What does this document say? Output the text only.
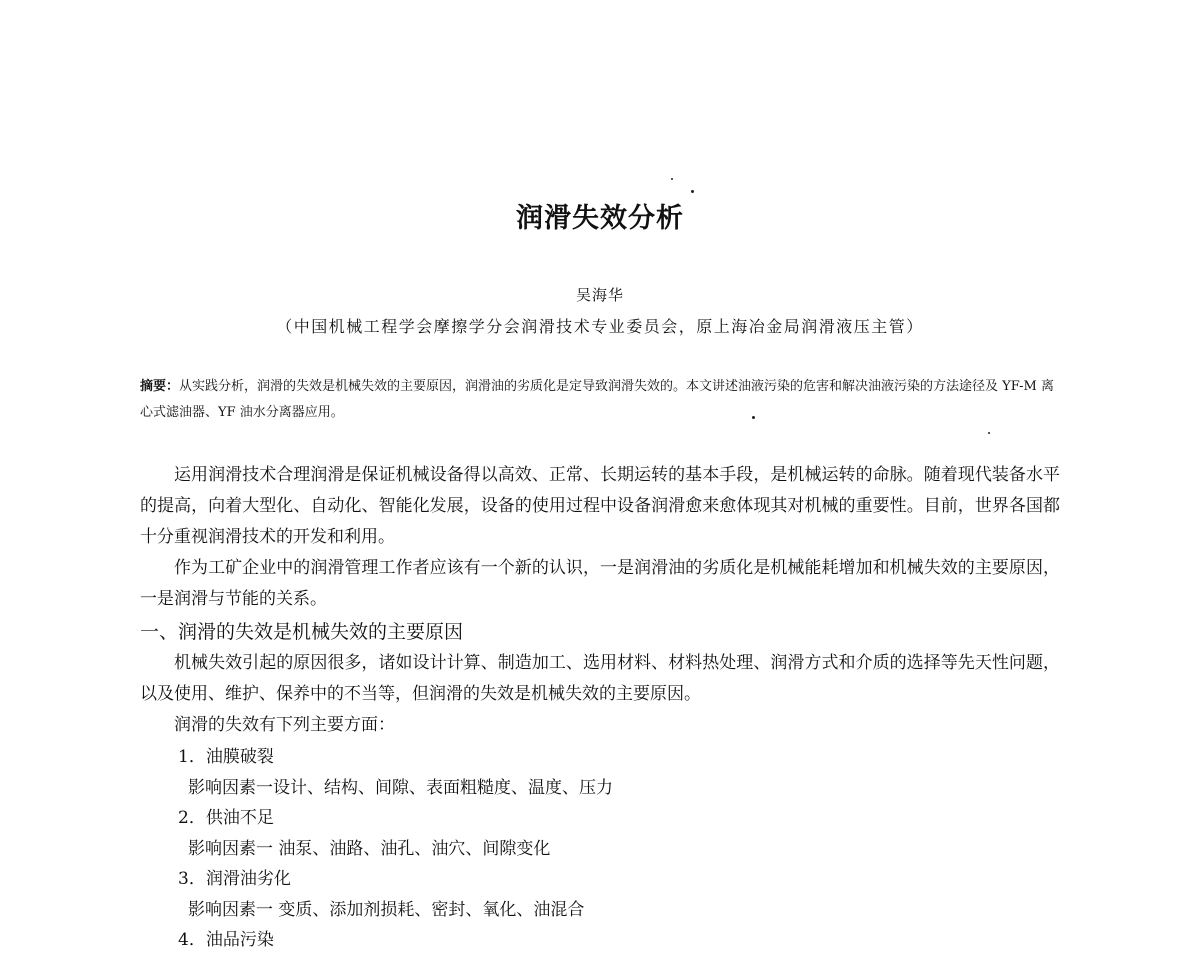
润滑失效分析
吴海华
（中国机械工程学会摩擦学分会润滑技术专业委员会，原上海冶金局润滑液压主管）
摘要：从实践分析，润滑的失效是机械失效的主要原因，润滑油的劣质化是定导致润滑失效的。本文讲述油液污染的危害和解决油液污染的方法途径及 YF-M 离心式滤油器、YF 油水分离器应用。

运用润滑技术合理润滑是保证机械设备得以高效、正常、长期运转的基本手段，是机械运转的命脉。随着现代装备水平的提高，向着大型化、自动化、智能化发展，设备的使用过程中设备润滑愈来愈体现其对机械的重要性。目前，世界各国都十分重视润滑技术的开发和利用。

作为工矿企业中的润滑管理工作者应该有一个新的认识，一是润滑油的劣质化是机械能耗增加和机械失效的主要原因，一是润滑与节能的关系。

一、润滑的失效是机械失效的主要原因

机械失效引起的原因很多，诸如设计计算、制造加工、选用材料、材料热处理、润滑方式和介质的选择等先天性问题，以及使用、维护、保养中的不当等，但润滑的失效是机械失效的主要原因。

润滑的失效有下列主要方面：

1．油膜破裂
影响因素一设计、结构、间隙、表面粗糙度、温度、压力
2．供油不足
影响因素一 油泵、油路、油孔、油穴、间隙变化
3．润滑油劣化
影响因素一 变质、添加剂损耗、密封、氧化、油混合
4．油品污染
